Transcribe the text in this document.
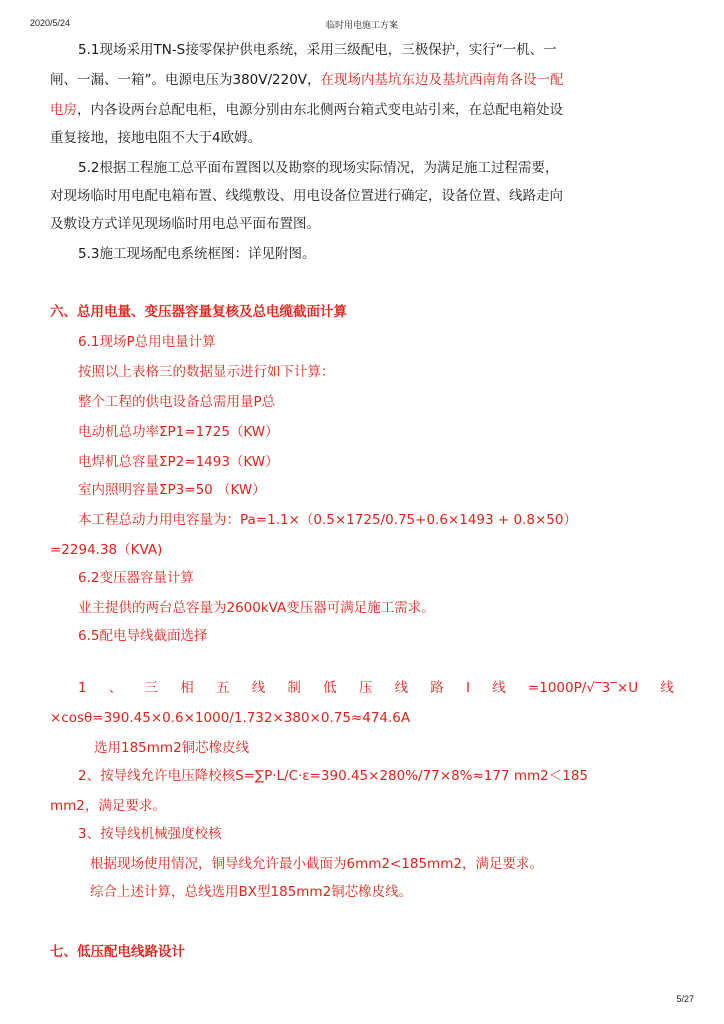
2020/5/24	临时用电施工方案
5.1现场采用TN-S接零保护供电系统，采用三级配电，三极保护，实行“一机、一
闸、一漏、一箱”。电源电压为380V/220V，在现场内基坑东边及基坑西南角各设一配
电房，内各设两台总配电柜，电源分别由东北侧两台箱式变电站引来，在总配电箱处设
重复接地，接地电阻不大于4欧姆。
5.2根据工程施工总平面布置图以及勘察的现场实际情况，为满足施工过程需要，
对现场临时用电配电箱布置、线缆敷设、用电设备位置进行确定，设备位置、线路走向
及敷设方式详见现场临时用电总平面布置图。
5.3施工现场配电系统框图：详见附图。
六、总用电量、变压器容量复核及总电缆截面计算
6.1现场P总用电量计算
按照以上表格三的数据显示进行如下计算：
整个工程的供电设备总需用量P总
电动机总功率ΣP1=1725（KW）
电焊机总容量ΣP2=1493（KW）
室内照明容量ΣP3=50 （KW）
本工程总动力用电容量为：Pa=1.1×（0.5×1725/0.75+0.6×1493 + 0.8×50）
=2294.38（KVA)
6.2变压器容量计算
业主提供的两台总容量为2600kVA变压器可满足施工需求。
6.5配电导线截面选择
1 、 三 相 五 线 制 低 压 线 路 I 线 =1000P/√‾3‾×U 线
×cosθ=390.45×0.6×1000/1.732×380×0.75≈474.6A
选用185mm2铜芯橡皮线
2、按导线允许电压降校核S=∑P·L/C·ε=390.45×280%/77×8%≈177 mm2＜185
mm2，满足要求。
3、按导线机械强度校核
根据现场使用情况，铜导线允许最小截面为6mm2<185mm2，满足要求。
综合上述计算，总线选用BX型185mm2铜芯橡皮线。
七、低压配电线路设计
5/27
